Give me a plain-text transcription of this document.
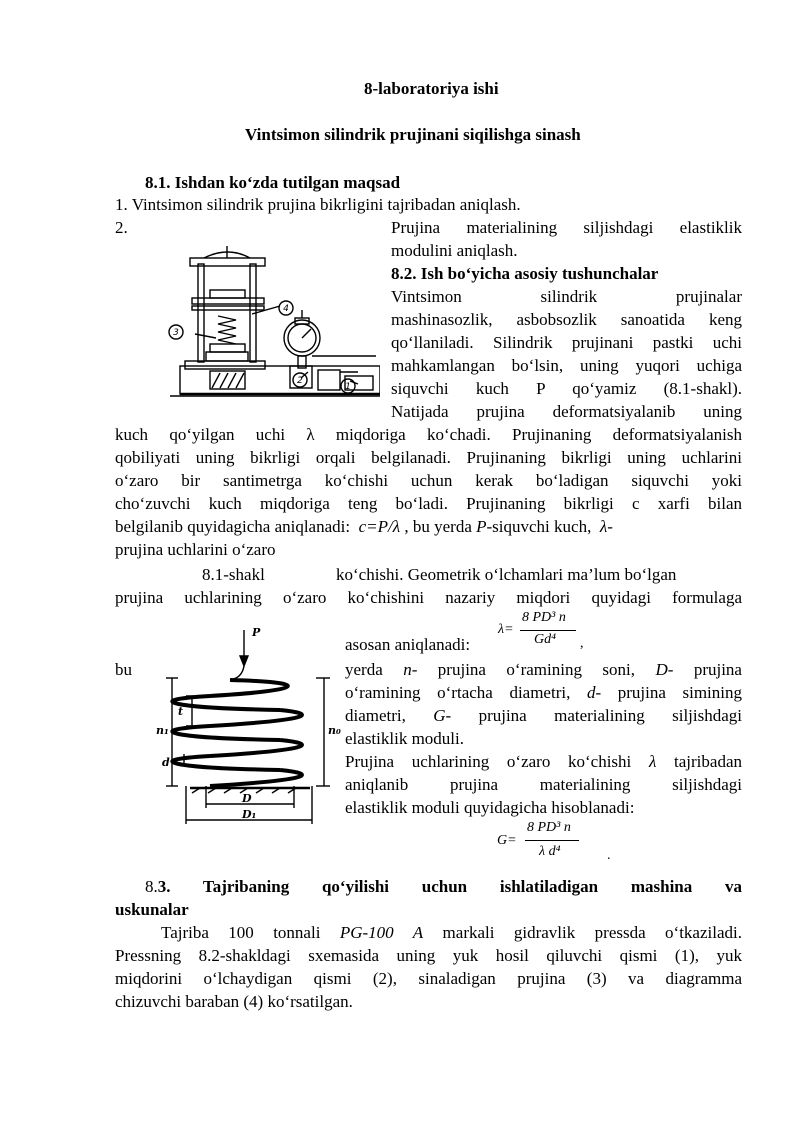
8-laboratoriya ishi
Vintsimon silindrik prujinani siqilishga sinash
8.1. Ishdan ko‘zda tutilgan maqsad
1. Vintsimon silindrik prujina bikrligini tajribadan aniqlash.
2.	Prujina materialining siljishdagi elastiklik
modulini aniqlash.
8.2. Ish bo‘yicha asosiy tushunchalar
Vintsimon silindrik prujinalar
mashinasozlik, asbobsozlik sanoatida keng
qo‘llaniladi. Silindrik prujinani pastki uchi
mahkamlangan bo‘lsin, uning yuqori uchiga
siquvchi kuch P qo‘yamiz (8.1-shakl).
Natijada prujina deformatsiyalanib uning
4
3
2
1
kuch qo‘yilgan uchi λ miqdoriga ko‘chadi. Prujinaning deformatsiyalanish
qobiliyati uning bikrligi orqali belgilanadi. Prujinaning bikrligi uning uchlarini
o‘zaro bir santimetrga ko‘chishi uchun kerak bo‘ladigan siquvchi yoki
cho‘zuvchi kuch miqdoriga teng bo‘ladi. Prujinaning bikrligi c xarfi bilan
belgilanib quyidagicha aniqlanadi: c=P/λ , bu yerda P-siquvchi kuch, λ-
prujina uchlarini o‘zaro
8.1-shakl	ko‘chishi. Geometrik o‘lchamlari ma’lum bo‘lgan
prujina uchlarining o‘zaro ko‘chishini nazariy miqdori quyidagi formulaga
asosan aniqlanadi:
λ=
8 PD³ n
Gd⁴ ,
bu	yerda n- prujina o‘ramining soni, D- prujina
o‘ramining o‘rtacha diametri, d- prujina simining
diametri, G- prujina materialining siljishdagi
elastiklik moduli.
Prujina uchlarining o‘zaro ko‘chishi λ tajribadan
aniqlanib prujina materialining siljishdagi
elastiklik moduli quyidagicha hisoblanadi:
G=
8 PD³ n
λ d⁴	.
P
n₁	n₀
t
d
D
D₁
8.3. Tajribaning qo‘yilishi uchun ishlatiladigan mashina va
uskunalar
Tajriba 100 tonnali PG-100 A markali gidravlik pressda o‘tkaziladi.
Pressning 8.2-shakldagi sxemasida uning yuk hosil qiluvchi qismi (1), yuk
miqdorini o‘lchaydigan qismi (2), sinaladigan prujina (3) va diagramma
chizuvchi baraban (4) ko‘rsatilgan.
